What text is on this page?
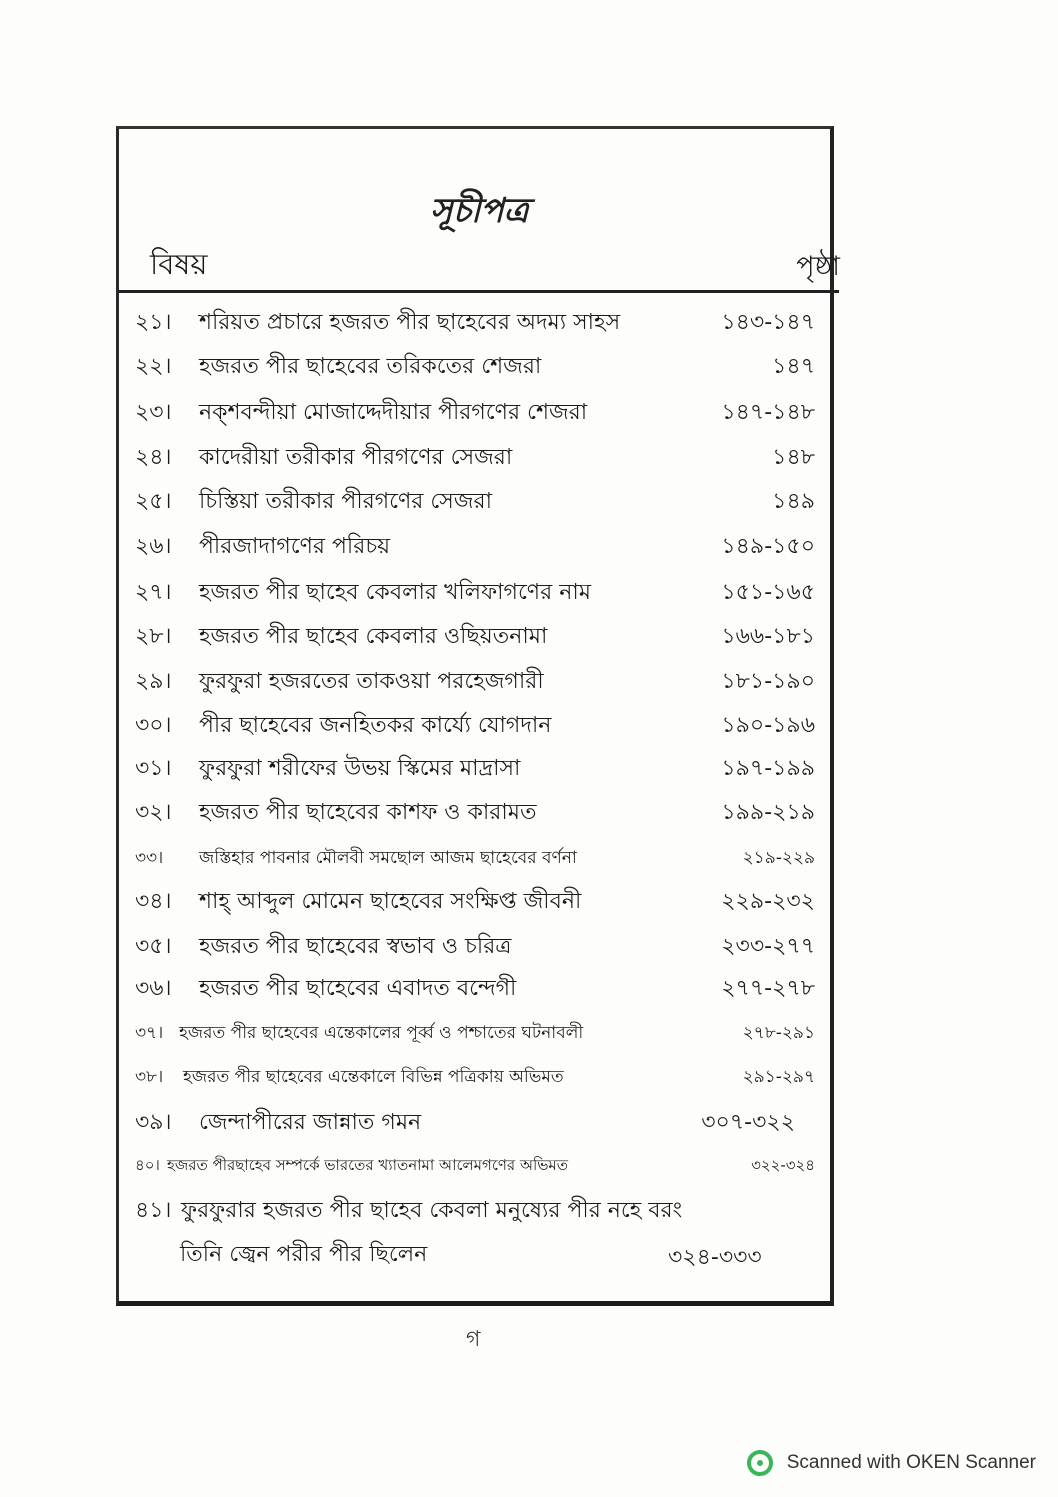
সূচীপত্র
বিষয়	পৃষ্ঠা
২১। শরিয়ত প্রচারে হজরত পীর ছাহেবের অদম্য সাহস	১৪৩-১৪৭
২২। হজরত পীর ছাহেবের তরিকতের শেজরা	১৪৭
২৩। নক্শবন্দীয়া মোজাদ্দেদীয়ার পীরগণের শেজরা	১৪৭-১৪৮
২৪। কাদেরীয়া তরীকার পীরগণের সেজরা	১৪৮
২৫। চিস্তিয়া তরীকার পীরগণের সেজরা	১৪৯
২৬। পীরজাদাগণের পরিচয়	১৪৯-১৫০
২৭। হজরত পীর ছাহেব কেবলার খলিফাগণের নাম	১৫১-১৬৫
২৮। হজরত পীর ছাহেব কেবলার ওছিয়তনামা	১৬৬-১৮১
২৯। ফুরফুরা হজরতের তাকওয়া পরহেজগারী	১৮১-১৯০
৩০। পীর ছাহেবের জনহিতকর কার্য্যে যোগদান	১৯০-১৯৬
৩১। ফুরফুরা শরীফের উভয় স্কিমের মাদ্রাসা	১৯৭-১৯৯
৩২। হজরত পীর ছাহেবের কাশফ ও কারামত	১৯৯-২১৯
৩৩। জস্তিহার পাবনার মৌলবী সমছোল আজম ছাহেবের বর্ণনা	২১৯-২২৯
৩৪। শাহ্ আব্দুল মোমেন ছাহেবের সংক্ষিপ্ত জীবনী	২২৯-২৩২
৩৫। হজরত পীর ছাহেবের স্বভাব ও চরিত্র	২৩৩-২৭৭
৩৬। হজরত পীর ছাহেবের এবাদত বন্দেগী	২৭৭-২৭৮
৩৭। হজরত পীর ছাহেবের এন্তেকালের পূর্ব্ব ও পশ্চাতের ঘটনাবলী	২৭৮-২৯১
৩৮। হজরত পীর ছাহেবের এন্তেকালে বিভিন্ন পত্রিকায় অভিমত	২৯১-২৯৭
৩৯। জেন্দাপীরের জান্নাত গমন	৩০৭-৩২২
৪০। হজরত পীরছাহেব সম্পর্কে ভারতের খ্যাতনামা আলেমগণের অভিমত	৩২২-৩২৪
৪১। ফুরফুরার হজরত পীর ছাহেব কেবলা মনুষ্যের পীর নহে বরং
তিনি জ্বেন পরীর পীর ছিলেন	৩২৪-৩৩৩
গ
Scanned with OKEN Scanner
